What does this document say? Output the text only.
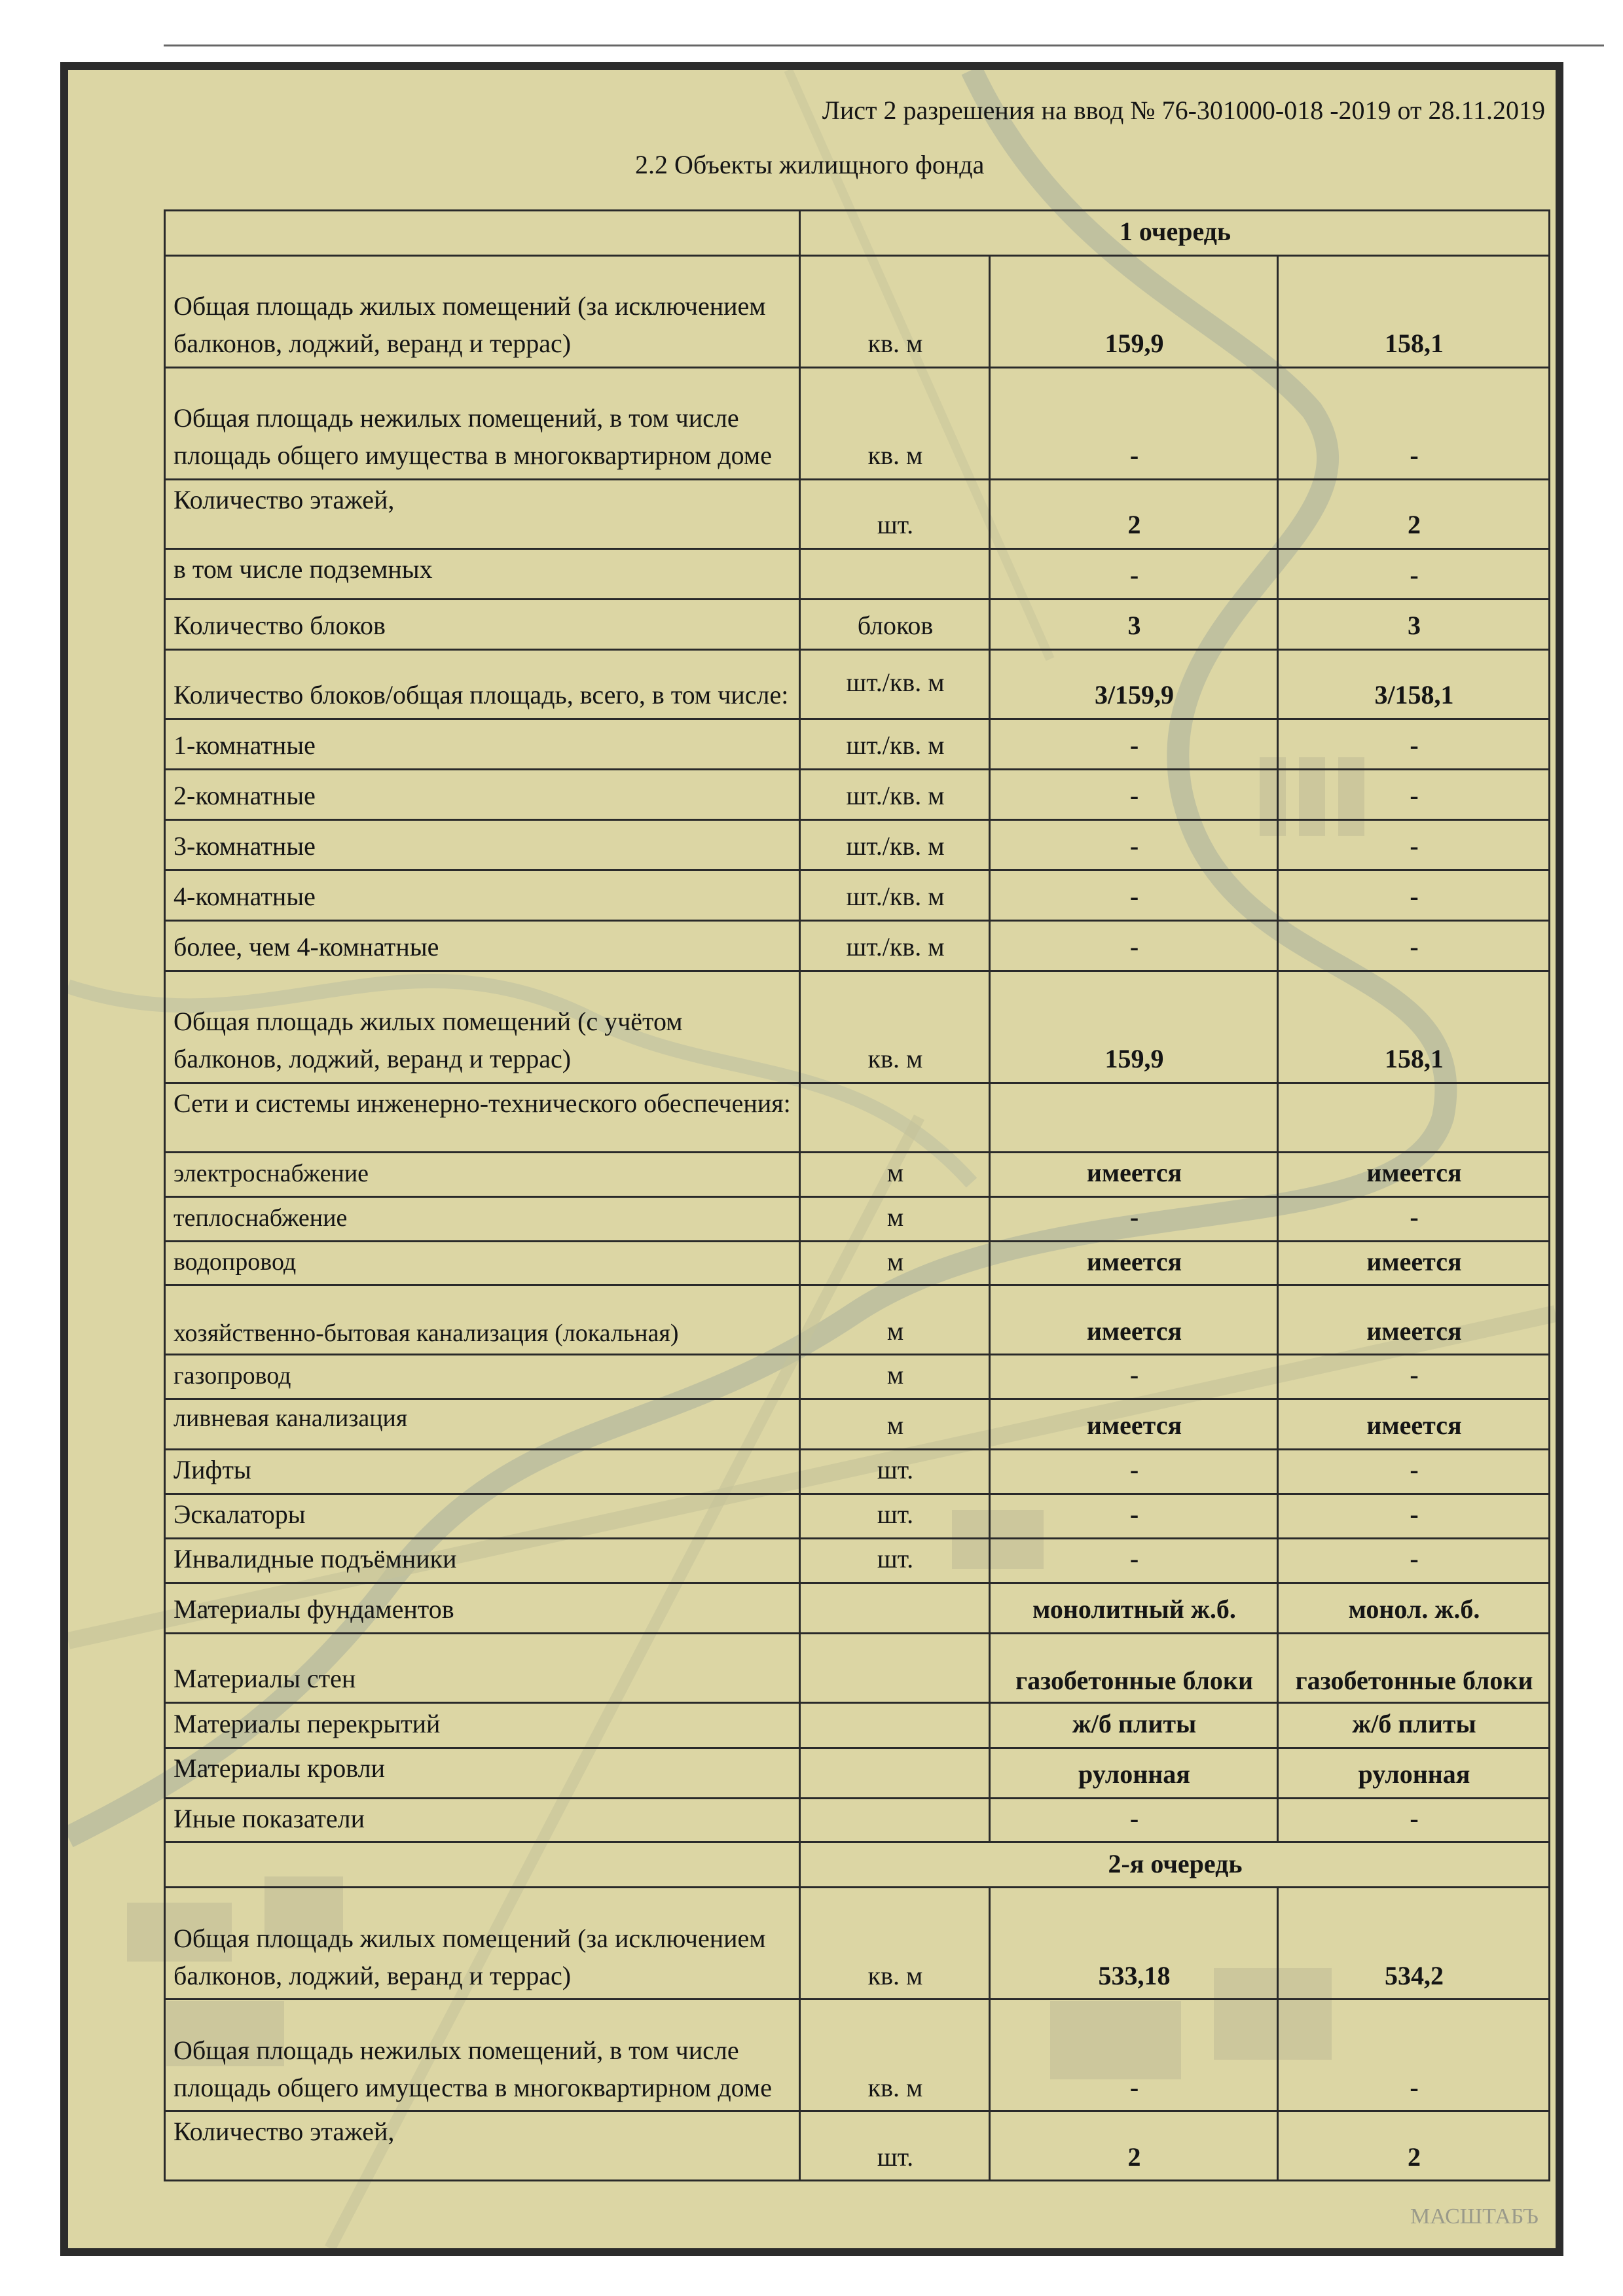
МАСШТАБЪ
Лист 2 разрешения на ввод № 76-301000-018 -2019 от 28.11.2019
2.2 Объекты жилищного фонда
	1 очередь		
Общая площадь жилых помещений (за исключением балконов, лоджий, веранд и террас)	кв. м	159,9	158,1
Общая площадь нежилых помещений, в том числе площадь общего имущества в многоквартирном доме	кв. м	-	-
Количество этажей,	шт.	2	2
в том числе подземных		-	-
Количество блоков	блоков	3	3
Количество блоков/общая площадь, всего, в том числе:	шт./кв. м	3/159,9	3/158,1
1-комнатные	шт./кв. м	-	-
2-комнатные	шт./кв. м	-	-
3-комнатные	шт./кв. м	-	-
4-комнатные	шт./кв. м	-	-
более, чем 4-комнатные	шт./кв. м	-	-
Общая площадь жилых помещений (с учётом балконов, лоджий, веранд и террас)	кв. м	159,9	158,1
Сети и системы инженерно-технического обеспечения:			
электроснабжение	м	имеется	имеется
теплоснабжение	м	-	-
водопровод	м	имеется	имеется
хозяйственно-бытовая канализация (локальная)	м	имеется	имеется
газопровод	м	-	-
ливневая канализация	м	имеется	имеется
Лифты	шт.	-	-
Эскалаторы	шт.	-	-
Инвалидные подъёмники	шт.	-	-
Материалы фундаментов		монолитный ж.б.	монол. ж.б.
Материалы стен		газобетонные блоки	газобетонные блоки
Материалы перекрытий		ж/б плиты	ж/б плиты
Материалы кровли		рулонная	рулонная
Иные показатели		-	-
	2-я очередь		
Общая площадь жилых помещений (за исключением балконов, лоджий, веранд и террас)	кв. м	533,18	534,2
Общая площадь нежилых помещений, в том числе площадь общего имущества в многоквартирном доме	кв. м	-	-
Количество этажей,	шт.	2	2
